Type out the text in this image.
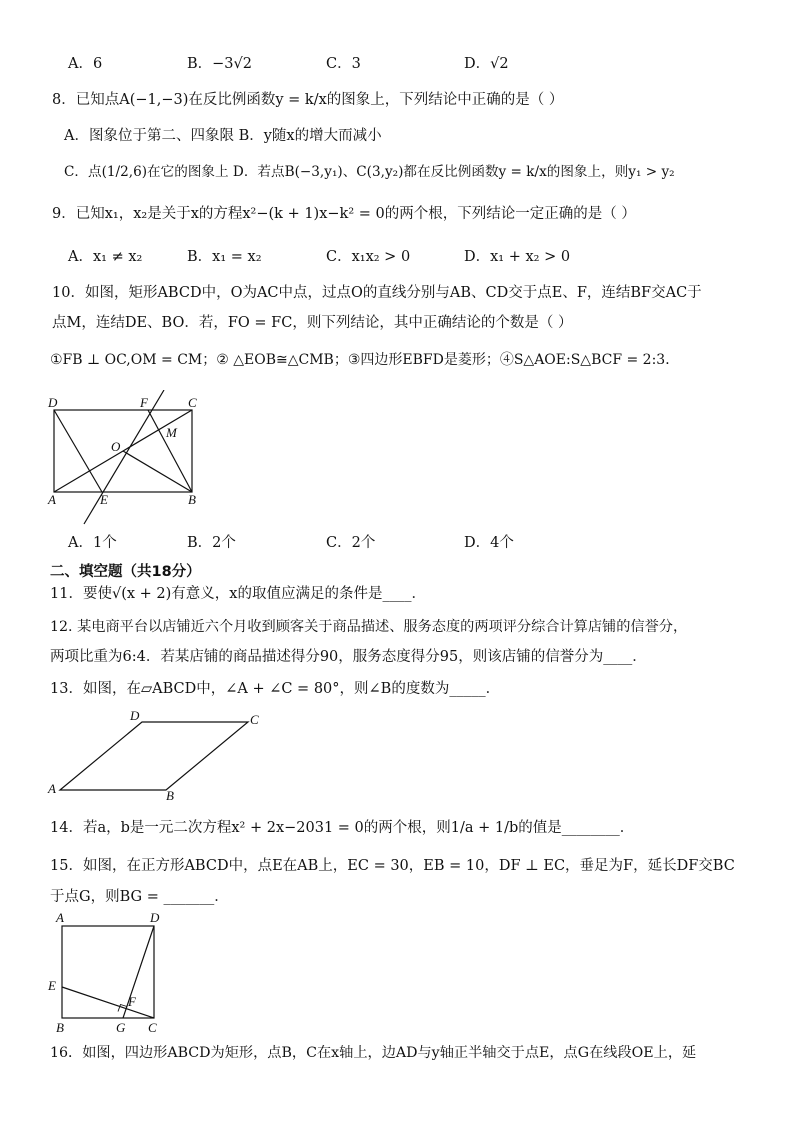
A．6	B．−3√2	C．3	D．√2
8．已知点A(−1,−3)在反比例函数y = k/x的图象上，下列结论中正确的是（ ）
A．图象位于第二、四象限 B．y随x的增大而减小
C．点(1/2,6)在它的图象上 D．若点B(−3,y₁)、C(3,y₂)都在反比例函数y = k/x的图象上，则y₁ > y₂
9．已知x₁，x₂是关于x的方程x²−(k + 1)x−k² = 0的两个根，下列结论一定正确的是（ ）
A．x₁ ≠ x₂	B．x₁ = x₂	C．x₁x₂ > 0	D．x₁ + x₂ > 0
10．如图，矩形ABCD中，O为AC中点，过点O的直线分别与AB、CD交于点E、F，连结BF交AC于
点M，连结DE、BO．若，FO = FC，则下列结论，其中正确结论的个数是（ ）
①FB ⊥ OC,OM = CM；② △EOB≅△CMB；③四边形EBFD是菱形；④S△AOE:S△BCF = 2:3．
D	F	C
O
M
A	E	B
A．1个	B．2个	C．2个	D．4个
二、填空题（共18分）
11．要使√(x + 2)有意义，x的取值应满足的条件是____．
12. 某电商平台以店铺近六个月收到顾客关于商品描述、服务态度的两项评分综合计算店铺的信誉分，
两项比重为6:4．若某店铺的商品描述得分90，服务态度得分95，则该店铺的信誉分为____．
13．如图，在▱ABCD中，∠A + ∠C = 80°，则∠B的度数为_____．
D	C
A	B
14．若a，b是一元二次方程x² + 2x−2031 = 0的两个根，则1/a + 1/b的值是________．
15．如图，在正方形ABCD中，点E在AB上，EC = 30，EB = 10，DF ⊥ EC，垂足为F，延长DF交BC
于点G，则BG = _______．
A	D
E
F
B	G C
16．如图，四边形ABCD为矩形，点B，C在x轴上，边AD与y轴正半轴交于点E，点G在线段OE上，延
